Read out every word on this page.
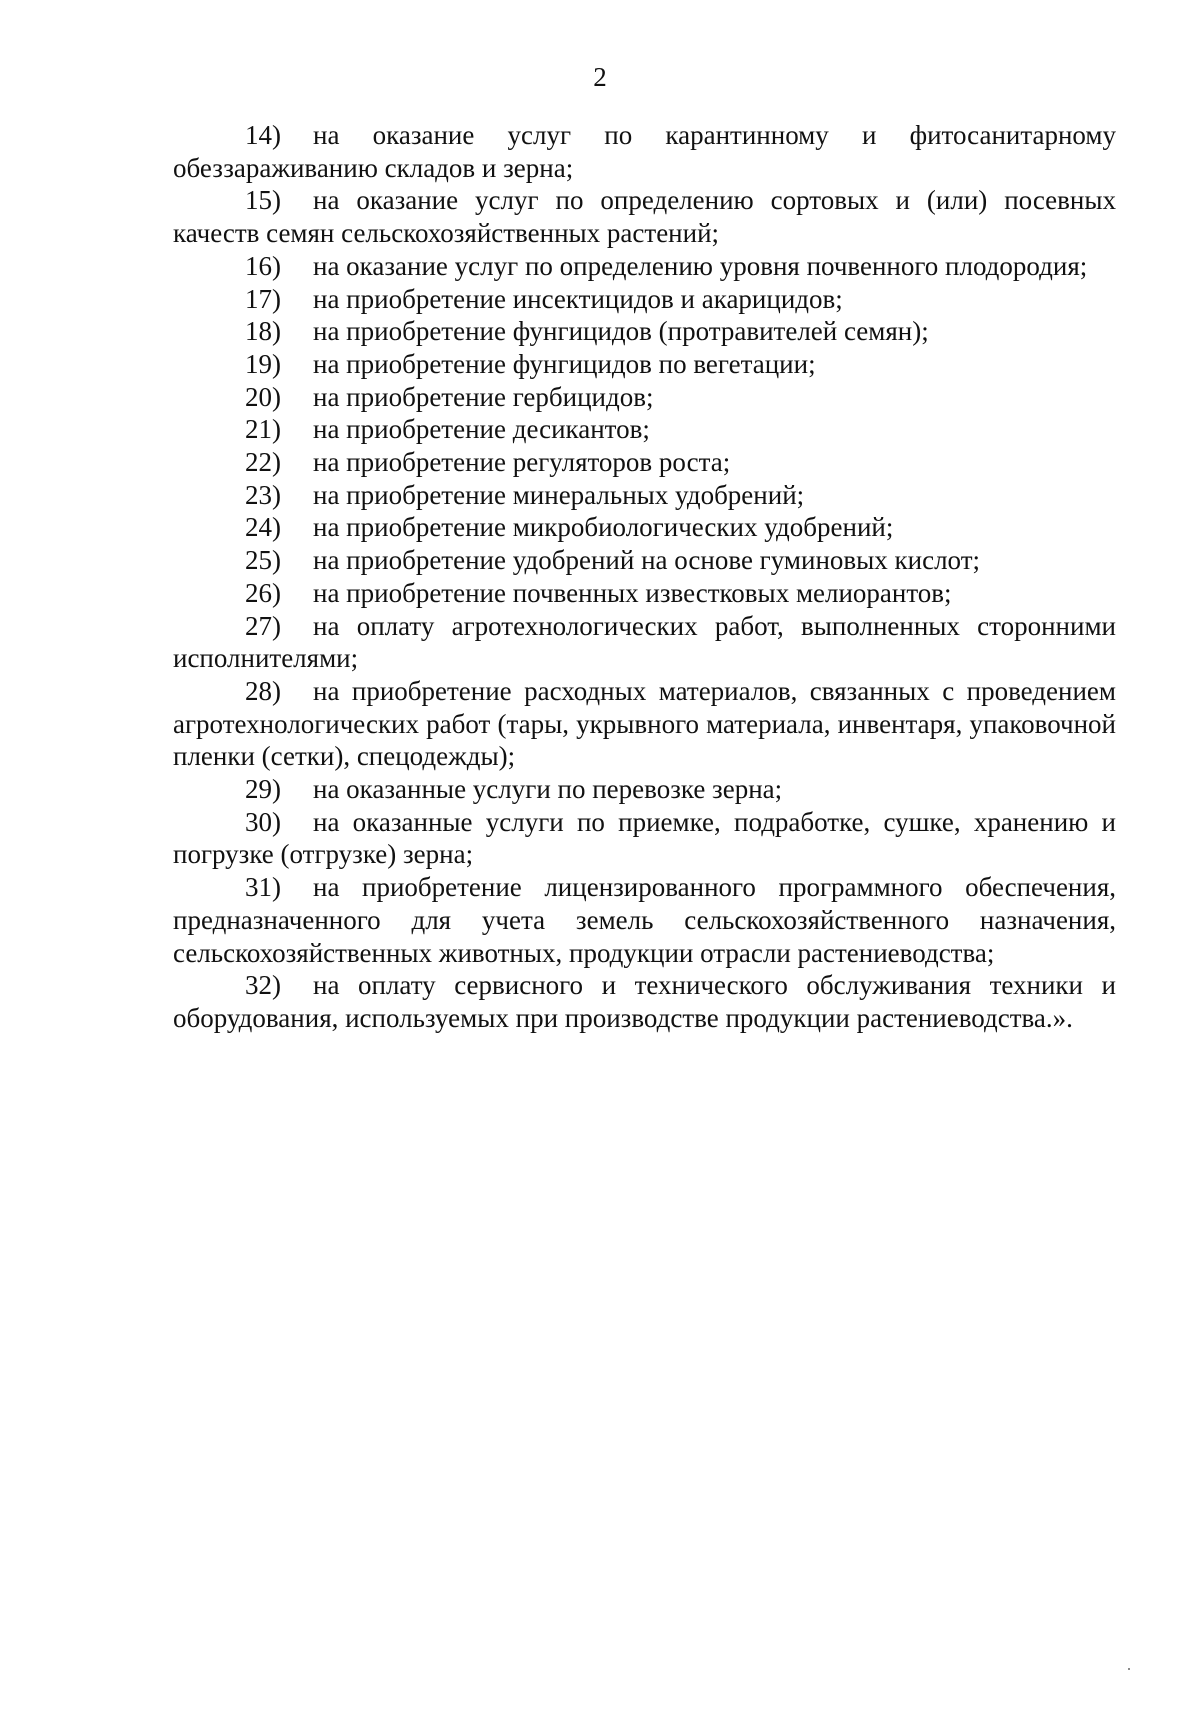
2

14) на оказание услуг по карантинному и фитосанитарному обеззараживанию складов и зерна;

15) на оказание услуг по определению сортовых и (или) посевных качеств семян сельскохозяйственных растений;

16) на оказание услуг по определению уровня почвенного плодородия;

17) на приобретение инсектицидов и акарицидов;

18) на приобретение фунгицидов (протравителей семян);

19) на приобретение фунгицидов по вегетации;

20) на приобретение гербицидов;

21) на приобретение десикантов;

22) на приобретение регуляторов роста;

23) на приобретение минеральных удобрений;

24) на приобретение микробиологических удобрений;

25) на приобретение удобрений на основе гуминовых кислот;

26) на приобретение почвенных известковых мелиорантов;

27) на оплату агротехнологических работ, выполненных сторонними исполнителями;

28) на приобретение расходных материалов, связанных с проведением агротехнологических работ (тары, укрывного материала, инвентаря, упаковочной пленки (сетки), спецодежды);

29) на оказанные услуги по перевозке зерна;

30) на оказанные услуги по приемке, подработке, сушке, хранению и погрузке (отгрузке) зерна;

31) на приобретение лицензированного программного обеспечения, предназначенного для учета земель сельскохозяйственного назначения, сельскохозяйственных животных, продукции отрасли растениеводства;

32) на оплату сервисного и технического обслуживания техники и оборудования, используемых при производстве продукции растениеводства.».
